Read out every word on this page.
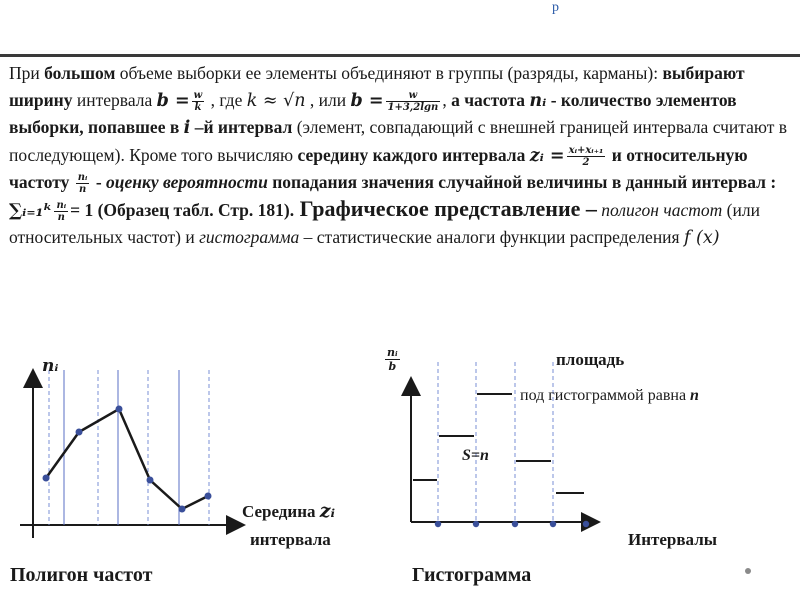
р

При большом объеме выборки ее элементы объединяют в группы (разряды, карманы): выбирают ширину интервала $b = \frac{w}{k}$ , где k ≈ √n , или $b = \frac{w}{1+3,2\lg n}$ , а частота nᵢ - количество элементов выборки, попавшее в i –й интервал (элемент, совпадающий с внешней границей интервала считают в последующем). Кроме того вычисляю середину каждого интервала zᵢ = $\frac{\text{xᵢ+xᵢ₊₁}}{2}$ и относительную частоту $\frac{\text{nᵢ}}{n}$ - оценку вероятности попадания значения случайной величины в данный интервал : ∑ᵢ₌₁ᵏ $\frac{\text{nᵢ}}{n} = 1$ (Образец табл. Стр. 181). Графическое представление – полигон частот (или относительных частот) и гистограмма – статистические аналоги функции распределения f (x)

nᵢ
Середина zᵢ
интервала
Полигон частот
$\frac{\text{nᵢ}}{b}$	площадь
под гистограммой равна n
S=n
Интервалы
Гистограмма
